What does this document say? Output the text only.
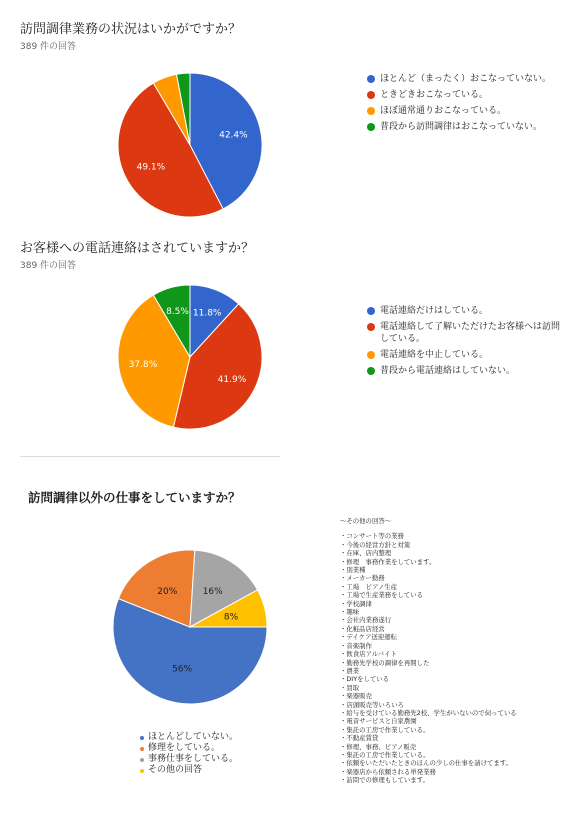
訪問調律業務の状況はいかがですか？
389 件の回答
42.4%
49.1%
ほとんど（まったく）おこなっていない。
ときどきおこなっている。
ほぼ通常通りおこなっている。
普段から訪問調律はおこなっていない。
お客様への電話連絡はされていますか？
389 件の回答
11.8%
41.9%
37.8%
8.5%	電話連絡だけはしている。
電話連絡して了解いただけたお客様へは訪問している。
電話連絡を中止している。
普段から電話連絡はしていない。
訪問調律以外の仕事をしていますか？
56%
20%	16%
8%
ほとんどしていない。
修理をしている。
事務仕事をしている。
その他の回答
～その他の回答～
・コンサート等の業務
・今後の経営方針と対策
・在庫、店内整理
・修理　事務作業をしています。
・別業種
・メーカー勤務
・工場　ピアノ生産
・工場で生産業務をしている
・学校調律
・趣味
・会社内業務遂行
・化粧品店経営
・デイケア送迎運転
・音楽制作
・飲食店アルバイト
・勤務先学校の調律を再開した
・農業
・DIYをしている
・買取
・楽器販売
・店頭販売等いろいろ
・給与を受けている勤務先2校、学生がいないので伺っている
・電音サービスと自家農園
・集託の工房で作業している。
・不動産賃貸
・修理、事務、ピアノ販売
・集託の工房で作業している。
・依頼をいただいたときのほんの少しの仕事を請けてます。
・楽器店から依頼される単発業務
・訪問での修理もしています。
